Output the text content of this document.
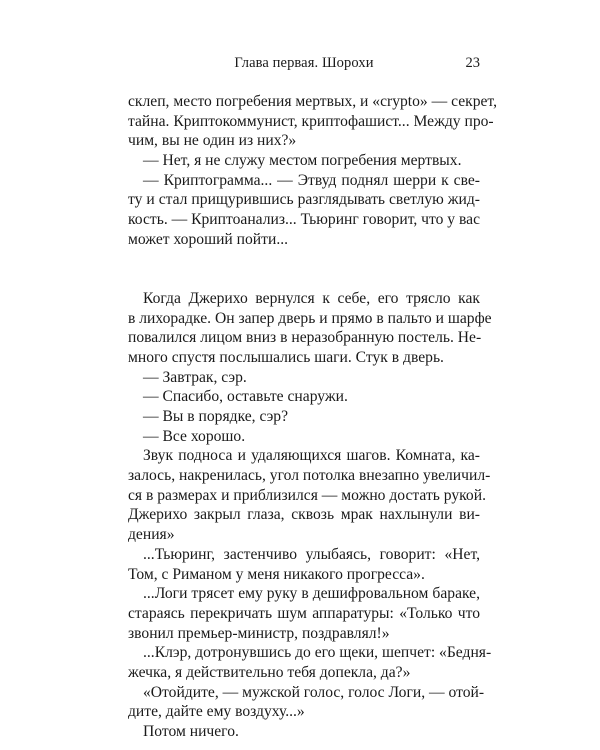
Глава первая. Шорохи	23
склеп, место погребения мертвых, и «crypto» — секрет,
тайна. Криптокоммунист, криптофашист... Между про-
чим, вы не один из них?»
— Нет, я не служу местом погребения мертвых.
— Криптограмма... — Этвуд поднял шерри к све-
ту и стал прищурившись разглядывать светлую жид-
кость. — Криптоанализ... Тьюринг говорит, что у вас
может хороший пойти...
Когда Джерихо вернулся к себе, его трясло как
в лихорадке. Он запер дверь и прямо в пальто и шарфе
повалился лицом вниз в неразобранную постель. Не-
много спустя послышались шаги. Стук в дверь.
— Завтрак, сэр.
— Спасибо, оставьте снаружи.
— Вы в порядке, сэр?
— Все хорошо.
Звук подноса и удаляющихся шагов. Комната, ка-
залось, накренилась, угол потолка внезапно увеличил-
ся в размерах и приблизился — можно достать рукой.
Джерихо закрыл глаза, сквозь мрак нахлынули ви-
дения»
...Тьюринг, застенчиво улыбаясь, говорит: «Нет,
Том, с Риманом у меня никакого прогресса».
...Логи трясет ему руку в дешифровальном бараке,
стараясь перекричать шум аппаратуры: «Только что
звонил премьер-министр, поздравлял!»
...Клэр, дотронувшись до его щеки, шепчет: «Бедня-
жечка, я действительно тебя допекла, да?»
«Отойдите, — мужской голос, голос Логи, — отой-
дите, дайте ему воздуху...»
Потом ничего.
